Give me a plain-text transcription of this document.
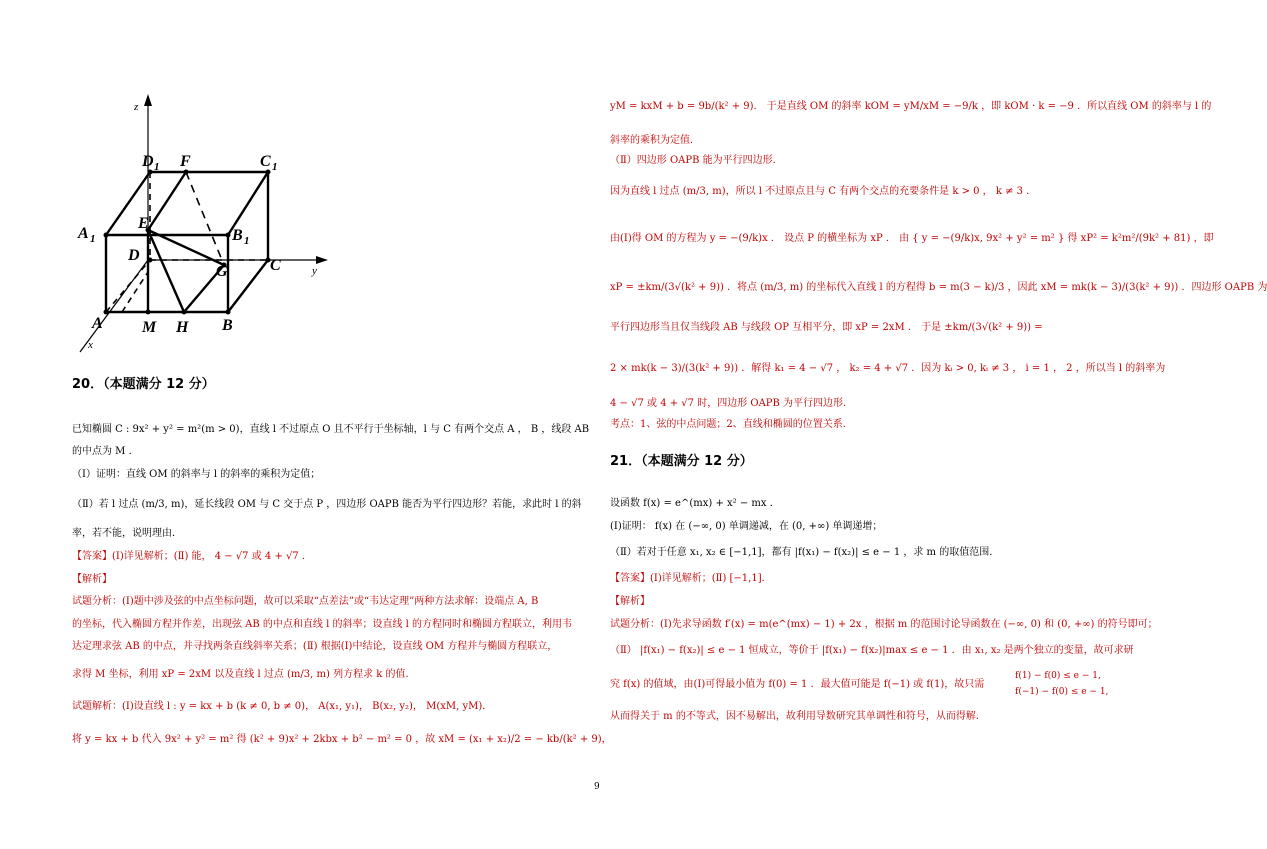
z
D 1 F	C 1
A 1
E
B 1
D
G	C	y
A M H B
x
20．（本题满分 12 分）
已知椭圆 C : 9x² + y² = m²(m > 0)，直线 l 不过原点 O 且不平行于坐标轴，l 与 C 有两个交点 A ， B ，线段 AB
的中点为 M ．
（Ⅰ）证明：直线 OM 的斜率与 l 的斜率的乘积为定值；
（Ⅱ）若 l 过点 (m/3, m)，延长线段 OM 与 C 交于点 P ，四边形 OAPB 能否为平行四边形？若能，求此时 l 的斜
率，若不能，说明理由．
【答案】(Ⅰ)详见解析；(Ⅱ) 能， 4 − √7 或 4 + √7 ．
【解析】
试题分析：(Ⅰ)题中涉及弦的中点坐标问题，故可以采取“点差法”或“韦达定理”两种方法求解：设端点 A, B
的坐标，代入椭圆方程并作差，出现弦 AB 的中点和直线 l 的斜率；设直线 l 的方程同时和椭圆方程联立，利用韦
达定理求弦 AB 的中点，并寻找两条直线斜率关系；(Ⅱ) 根据(Ⅰ)中结论，设直线 OM 方程并与椭圆方程联立，
求得 M 坐标，利用 xP = 2xM 以及直线 l 过点 (m/3, m) 列方程求 k 的值．
试题解析：(Ⅰ)设直线 l : y = kx + b (k ≠ 0, b ≠ 0)， A(x₁, y₁)， B(x₂, y₂)， M(xM, yM)．
将 y = kx + b 代入 9x² + y² = m² 得 (k² + 9)x² + 2kbx + b² − m² = 0 ，故 xM = (x₁ + x₂)/2 = − kb/(k² + 9)，
yM = kxM + b = 9b/(k² + 9)． 于是直线 OM 的斜率 kOM = yM/xM = −9/k ，即 kOM · k = −9 ．所以直线 OM 的斜率与 l 的
斜率的乘积为定值．
（Ⅱ）四边形 OAPB 能为平行四边形．
因为直线 l 过点 (m/3, m)，所以 l 不过原点且与 C 有两个交点的充要条件是 k > 0 ， k ≠ 3 ．
由(Ⅰ)得 OM 的方程为 y = −(9/k)x ． 设点 P 的横坐标为 xP ． 由 { y = −(9/k)x, 9x² + y² = m² } 得 xP² = k²m²/(9k² + 81) ，即
xP = ±km/(3√(k² + 9)) ．将点 (m/3, m) 的坐标代入直线 l 的方程得 b = m(3 − k)/3 ，因此 xM = mk(k − 3)/(3(k² + 9)) ．四边形 OAPB 为
平行四边形当且仅当线段 AB 与线段 OP 互相平分，即 xP = 2xM ． 于是 ±km/(3√(k² + 9)) =
2 × mk(k − 3)/(3(k² + 9)) ．解得 k₁ = 4 − √7 ， k₂ = 4 + √7 ．因为 kᵢ > 0, kᵢ ≠ 3 ， i = 1 ， 2 ，所以当 l 的斜率为
4 − √7 或 4 + √7 时，四边形 OAPB 为平行四边形．
考点：1、弦的中点问题；2、直线和椭圆的位置关系．
21．（本题满分 12 分）
设函数 f(x) = e^(mx) + x² − mx ．
(Ⅰ)证明： f(x) 在 (−∞, 0) 单调递减，在 (0, +∞) 单调递增；
（Ⅱ）若对于任意 x₁, x₂ ∈ [−1,1]，都有 |f(x₁) − f(x₂)| ≤ e − 1 ，求 m 的取值范围．
【答案】(Ⅰ)详见解析；(Ⅱ) [−1,1]．
【解析】
试题分析：(Ⅰ)先求导函数 f′(x) = m(e^(mx) − 1) + 2x ，根据 m 的范围讨论导函数在 (−∞, 0) 和 (0, +∞) 的符号即可；
（Ⅱ） |f(x₁) − f(x₂)| ≤ e − 1 恒成立，等价于 |f(x₁) − f(x₂)|max ≤ e − 1 ．由 x₁, x₂ 是两个独立的变量，故可求研
究 f(x) 的值域，由(Ⅰ)可得最小值为 f(0) = 1 ．最大值可能是 f(−1) 或 f(1)，故只需
f(1) − f(0) ≤ e − 1,
f(−1) − f(0) ≤ e − 1,
从而得关于 m 的不等式，因不易解出，故利用导数研究其单调性和符号，从而得解．
9
